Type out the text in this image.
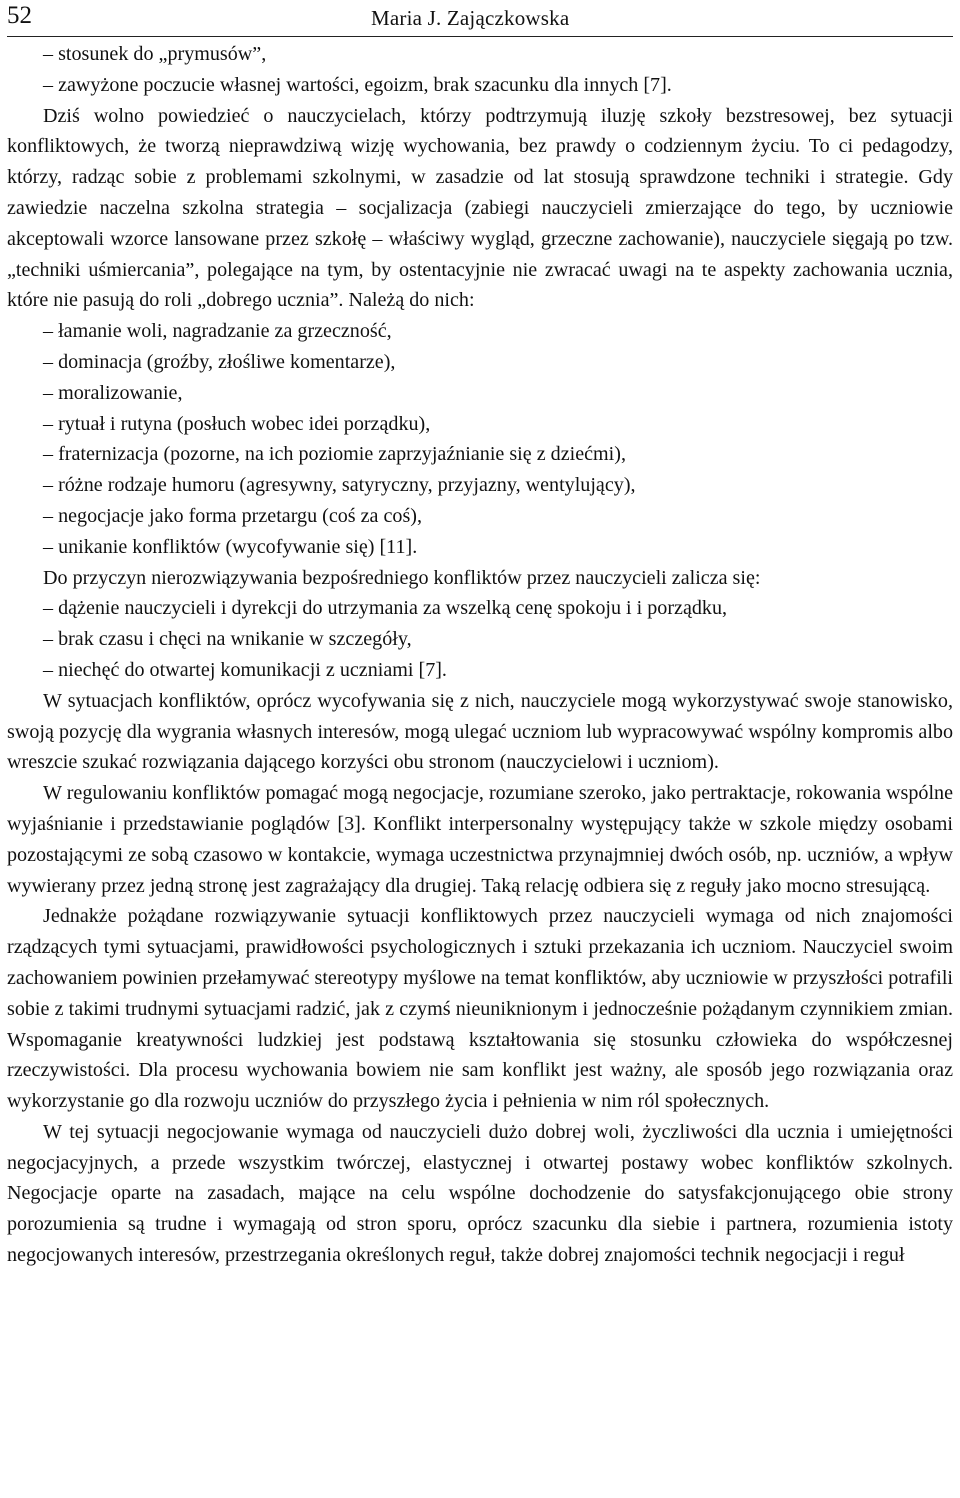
52	Maria J. Zajączkowska
– stosunek do „prymusów”,
– zawyżone poczucie własnej wartości, egoizm, brak szacunku dla innych [7].

Dziś wolno powiedzieć o nauczycielach, którzy podtrzymują iluzję szkoły bezstresowej, bez sytuacji konfliktowych, że tworzą nieprawdziwą wizję wychowania, bez prawdy o codziennym życiu. To ci pedagodzy, którzy, radząc sobie z problemami szkolnymi, w zasadzie od lat stosują sprawdzone techniki i strategie. Gdy zawiedzie naczelna szkolna strategia – socjalizacja (zabiegi nauczycieli zmierzające do tego, by uczniowie akceptowali wzorce lansowane przez szkołę – właściwy wygląd, grzeczne zachowanie), nauczyciele sięgają po tzw. „techniki uśmiercania”, polegające na tym, by ostentacyjnie nie zwracać uwagi na te aspekty zachowania ucznia, które nie pasują do roli „dobrego ucznia”. Należą do nich:

– łamanie woli, nagradzanie za grzeczność,
– dominacja (groźby, złośliwe komentarze),
– moralizowanie,
– rytuał i rutyna (posłuch wobec idei porządku),
– fraternizacja (pozorne, na ich poziomie zaprzyjaźnianie się z dziećmi),
– różne rodzaje humoru (agresywny, satyryczny, przyjazny, wentylujący),
– negocjacje jako forma przetargu (coś za coś),
– unikanie konfliktów (wycofywanie się) [11].

Do przyczyn nierozwiązywania bezpośredniego konfliktów przez nauczycieli zalicza się:

– dążenie nauczycieli i dyrekcji do utrzymania za wszelką cenę spokoju i i porządku,
– brak czasu i chęci na wnikanie w szczegóły,
– niechęć do otwartej komunikacji z uczniami [7].

W sytuacjach konfliktów, oprócz wycofywania się z nich, nauczyciele mogą wykorzystywać swoje stanowisko, swoją pozycję dla wygrania własnych interesów, mogą ulegać uczniom lub wypracowywać wspólny kompromis albo wreszcie szukać rozwiązania dającego korzyści obu stronom (nauczycielowi i uczniom).

W regulowaniu konfliktów pomagać mogą negocjacje, rozumiane szeroko, jako pertraktacje, rokowania wspólne wyjaśnianie i przedstawianie poglądów [3]. Konflikt interpersonalny występujący także w szkole między osobami pozostającymi ze sobą czasowo w kontakcie, wymaga uczestnictwa przynajmniej dwóch osób, np. uczniów, a wpływ wywierany przez jedną stronę jest zagrażający dla drugiej. Taką relację odbiera się z reguły jako mocno stresującą.

Jednakże pożądane rozwiązywanie sytuacji konfliktowych przez nauczycieli wymaga od nich znajomości rządzących tymi sytuacjami, prawidłowości psychologicznych i sztuki przekazania ich uczniom. Nauczyciel swoim zachowaniem powinien przełamywać stereotypy myślowe na temat konfliktów, aby uczniowie w przyszłości potrafili sobie z takimi trudnymi sytuacjami radzić, jak z czymś nieuniknionym i jednocześnie pożądanym czynnikiem zmian. Wspomaganie kreatywności ludzkiej jest podstawą kształtowania się stosunku człowieka do współczesnej rzeczywistości. Dla procesu wychowania bowiem nie sam konflikt jest ważny, ale sposób jego rozwiązania oraz wykorzystanie go dla rozwoju uczniów do przyszłego życia i pełnienia w nim ról społecznych.

W tej sytuacji negocjowanie wymaga od nauczycieli dużo dobrej woli, życzliwości dla ucznia i umiejętności negocjacyjnych, a przede wszystkim twórczej, elastycznej i otwartej postawy wobec konfliktów szkolnych. Negocjacje oparte na zasadach, mające na celu wspólne dochodzenie do satysfakcjonującego obie strony porozumienia są trudne i wymagają od stron sporu, oprócz szacunku dla siebie i partnera, rozumienia istoty negocjowanych interesów, przestrzegania określonych reguł, także dobrej znajomości technik negocjacji i reguł
